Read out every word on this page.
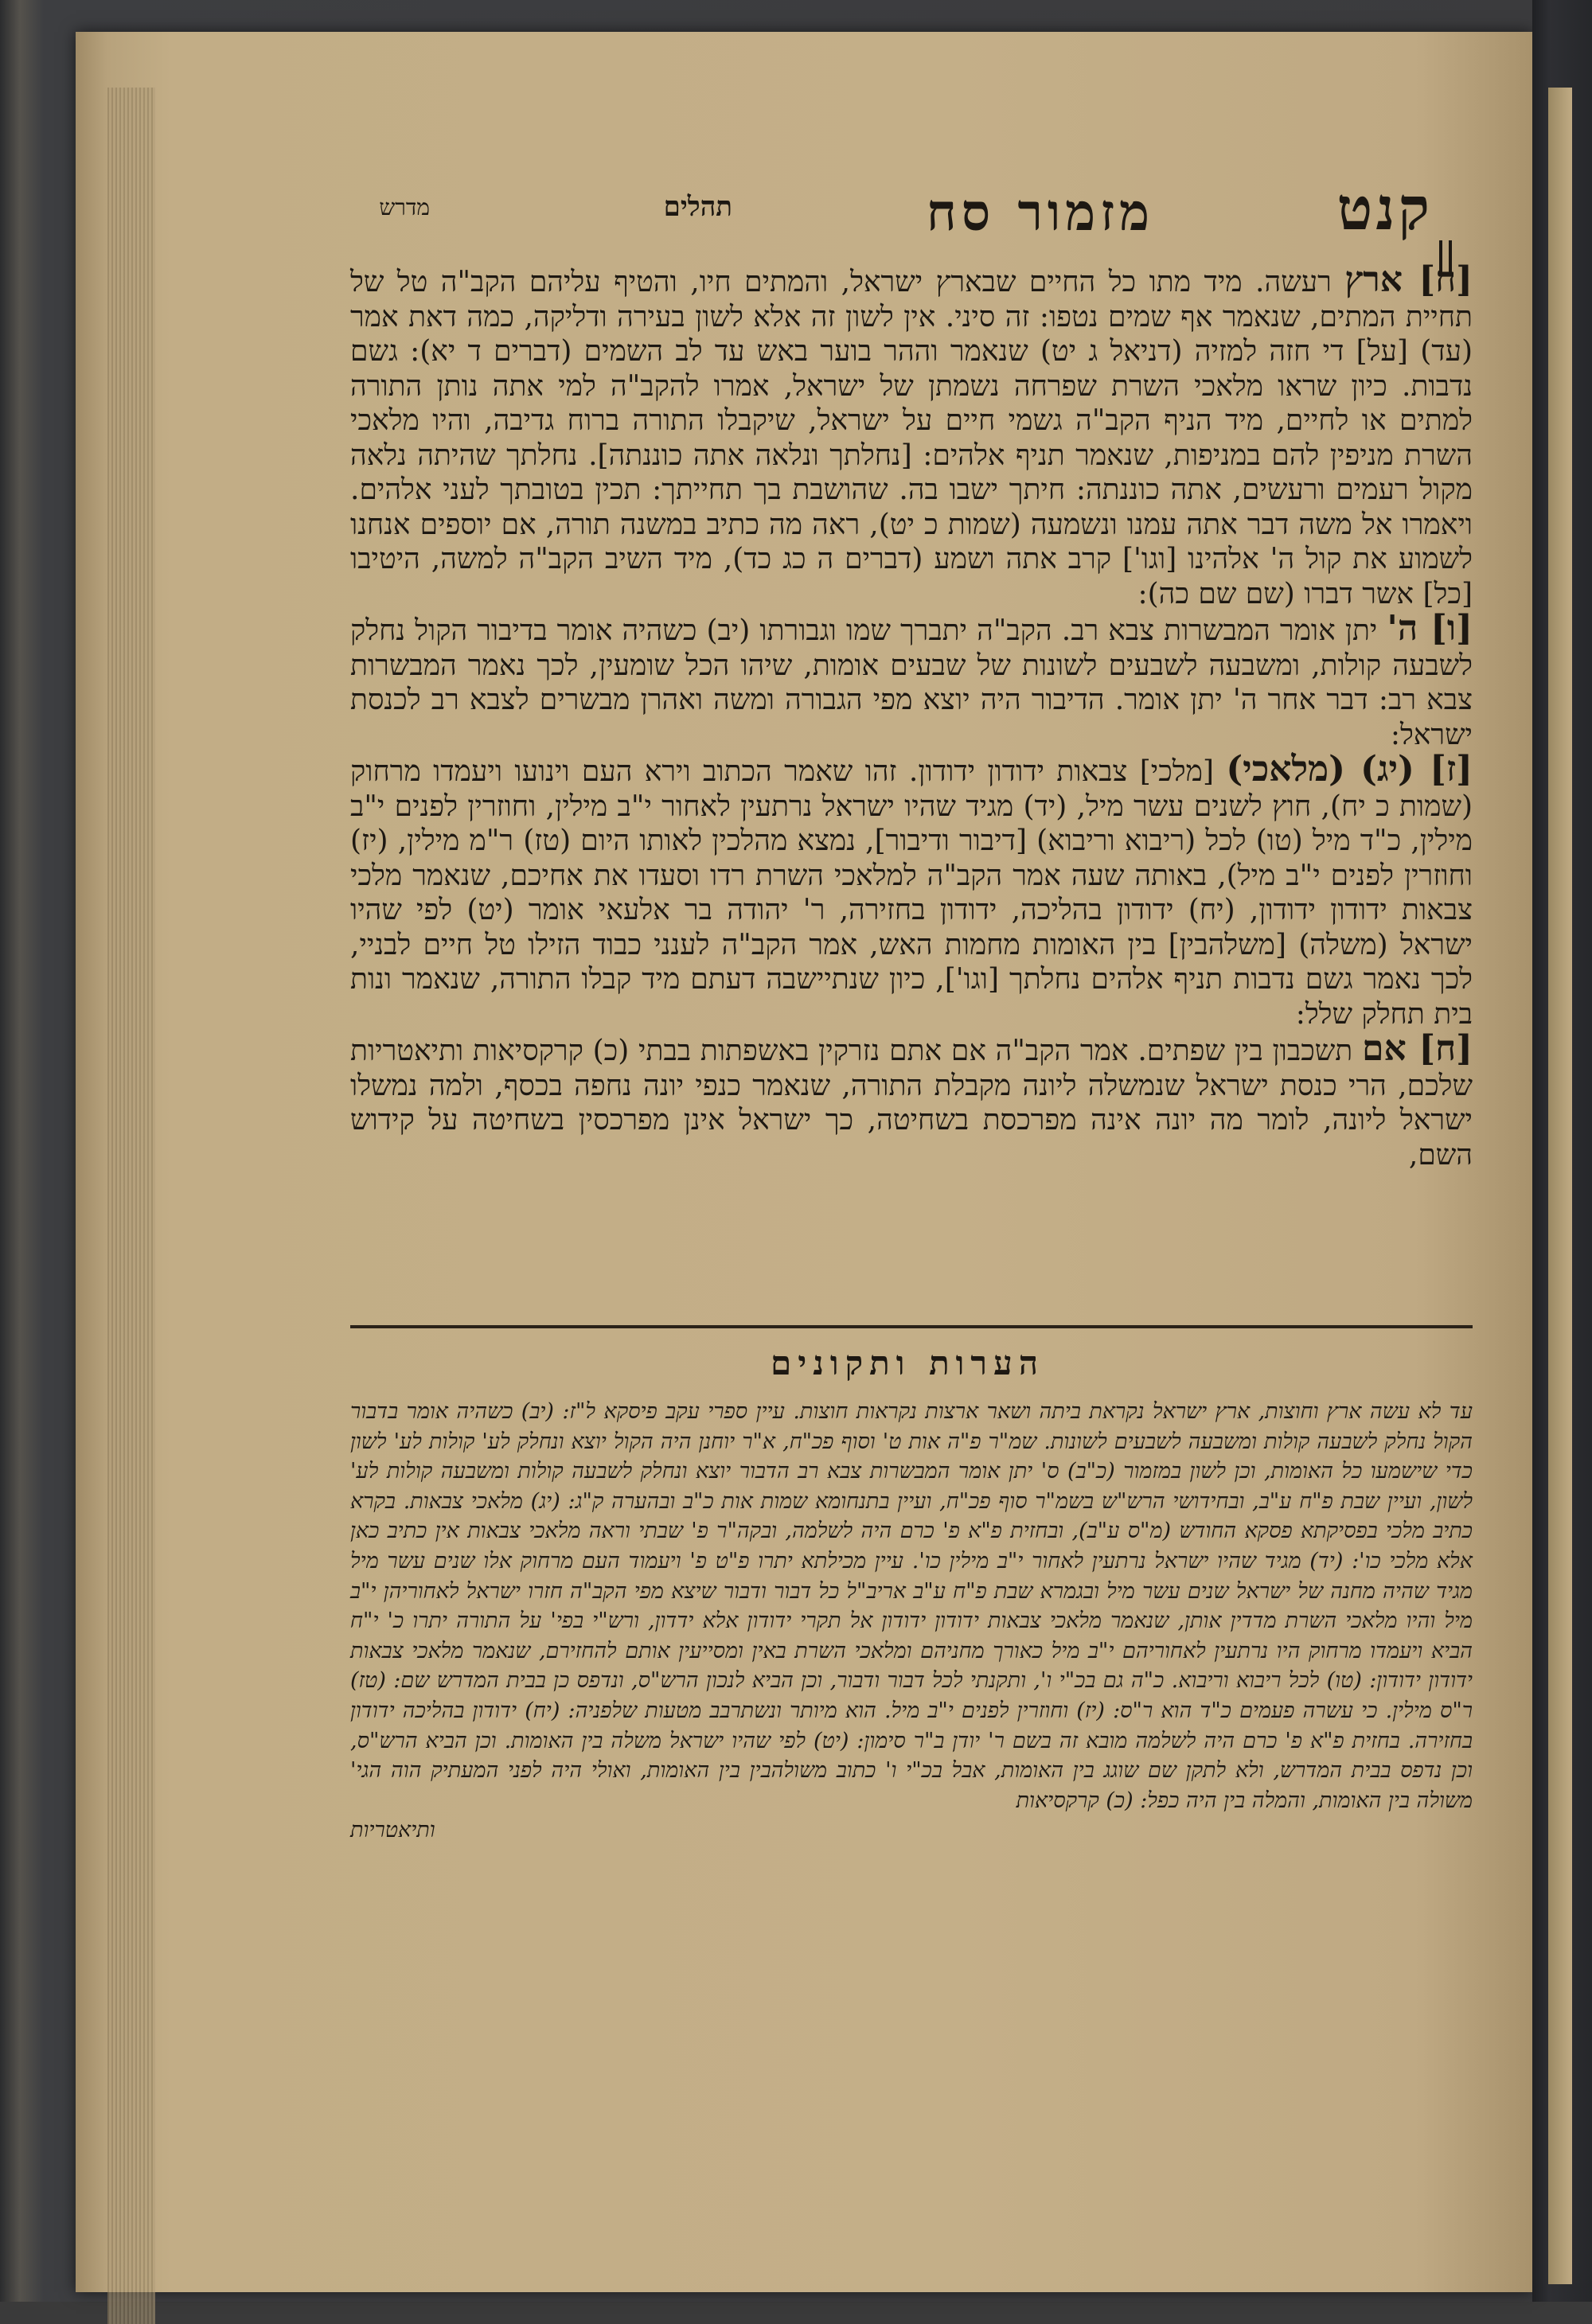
קנט
מזמור סח
תהלים
מדרש

[ח] ארץ רעשה. מיד מתו כל החיים שבארץ ישראל, והמתים חיו, והטיף עליהם הקב"ה טל של תחיית המתים, שנאמר אף שמים נטפו: זה סיני. אין לשון זה אלא לשון בעירה ודליקה, כמה דאת אמר (עד) [על] די חזה למזיה (דניאל ג יט) שנאמר וההר בוער באש עד לב השמים (דברים ד יא): גשם נדבות. כיון שראו מלאכי השרת שפרחה נשמתן של ישראל, אמרו להקב"ה למי אתה נותן התורה למתים או לחיים, מיד הניף הקב"ה גשמי חיים על ישראל, שיקבלו התורה ברוח גדיבה, והיו מלאכי השרת מניפין להם במניפות, שנאמר תניף אלהים: [נחלתך ונלאה אתה כוננתה]. נחלתך שהיתה נלאה מקול רעמים ורעשים, אתה כוננתה: חיתך ישבו בה. שהושבת בך תחייתך: תכין בטובתך לעני אלהים. ויאמרו אל משה דבר אתה עמנו ונשמעה (שמות כ יט), ראה מה כתיב במשנה תורה, אם יוספים אנחנו לשמוע את קול ה' אלהינו [וגו'] קרב אתה ושמע (דברים ה כג כד), מיד השיב הקב"ה למשה, היטיבו [כל] אשר דברו (שם שם כה):

[ו] ה' יתן אומר המבשרות צבא רב. הקב"ה יתברך שמו וגבורתו (יב) כשהיה אומר בדיבור הקול נחלק לשבעה קולות, ומשבעה לשבעים לשונות של שבעים אומות, שיהו הכל שומעין, לכך נאמר המבשרות צבא רב: דבר אחר ה' יתן אומר. הדיבור היה יוצא מפי הגבורה ומשה ואהרן מבשרים לצבא רב לכנסת ישראל:

[ז] (יג) (מלאכי) [מלכי] צבאות ידודון ידודון. זהו שאמר הכתוב וירא העם וינועו ויעמדו מרחוק (שמות כ יח), חוץ לשנים עשר מיל, (יד) מגיד שהיו ישראל נרתעין לאחור י"ב מילין, וחוזרין לפנים י"ב מילין, כ"ד מיל (טו) לכל (ריבוא וריבוא) [דיבור ודיבור], נמצא מהלכין לאותו היום (טז) ר"מ מילין, (יז) וחוזרין לפנים י"ב מיל), באותה שעה אמר הקב"ה למלאכי השרת רדו וסעדו את אחיכם, שנאמר מלכי צבאות ידודון ידודון, (יח) ידודון בהליכה, ידודון בחזירה, ר' יהודה בר אלעאי אומר (יט) לפי שהיו ישראל (משלה) [משלהבין] בין האומות מחמות האש, אמר הקב"ה לענני כבוד הזילו טל חיים לבניי, לכך נאמר גשם נדבות תניף אלהים נחלתך [וגו'], כיון שנתיישבה דעתם מיד קבלו התורה, שנאמר ונות בית תחלק שלל:

[ח] אם תשכבון בין שפתים. אמר הקב"ה אם אתם נזרקין באשפתות בבתי (כ) קרקסיאות ותיאטריות שלכם, הרי כנסת ישראל שנמשלה ליונה מקבלת התורה, שנאמר כנפי יונה נחפה בכסף, ולמה נמשלו ישראל ליונה, לומר מה יונה אינה מפרכסת בשחיטה, כך ישראל אינן מפרכסין בשחיטה על קידוש השם,

הערות ותקונים

עד לא עשה ארץ וחוצות, ארץ ישראל נקראת ביתה ושאר ארצות נקראות חוצות. עיין ספרי עקב פיסקא ל"ז: (יב) כשהיה אומר בדבור הקול נחלק לשבעה קולות ומשבעה לשבעים לשונות. שמ"ר פ"ה אות ט' וסוף פכ"ח, א"ר יוחנן היה הקול יוצא ונחלק לע' קולות לע' לשון כדי שישמעו כל האומות, וכן לשון במזמור (כ"ב) ס' יתן אומר המבשרות צבא רב הדבור יוצא ונחלק לשבעה קולות ומשבעה קולות לע' לשון, ועיין שבת פ"ח ע"ב, ובחידושי הרש"ש בשמ"ר סוף פכ"ח, ועיין בתנחומא שמות אות כ"ב ובהערה ק"ג: (יג) מלאכי צבאות. בקרא כתיב מלכי בפסיקתא פסקא החודש (מ"ס ע"ב), ובחזית פ"א פ' כרם היה לשלמה, ובקה"ר פ' שבתי וראה מלאכי צבאות אין כתיב כאן אלא מלכי כו': (יד) מגיד שהיו ישראל נרתעין לאחור י"ב מילין כו'. עיין מכילתא יתרו פ"ט פ' ויעמוד העם מרחוק אלו שנים עשר מיל מגיד שהיה מחנה של ישראל שנים עשר מיל ובגמרא שבת פ"ח ע"ב אריב"ל כל דבור ודבור שיצא מפי הקב"ה חזרו ישראל לאחוריהן י"ב מיל והיו מלאכי השרת מדדין אותן, שנאמר מלאכי צבאות ידודון ידודון אל תקרי ידודון אלא ידדון, ורש"י בפי' על התורה יתרו כ' י"ח הביא ויעמדו מרחוק היו נרתעין לאחוריהם י"ב מיל כאורך מחניהם ומלאכי השרת באין ומסייעין אותם להחזירם, שנאמר מלאכי צבאות ידודון ידודון: (טו) לכל ריבוא וריבוא. כ"ה גם בכ"י ו', ותקנתי לכל דבור ודבור, וכן הביא לנכון הרש"ס, ונדפס כן בבית המדרש שם: (טז) ר"ס מילין. כי עשרה פעמים כ"ד הוא ר"ס: (יז) וחוזרין לפנים י"ב מיל. הוא מיותר ונשתרבב מטעות שלפניה: (יח) ידודון בהליכה ידודון בחזירה. בחזית פ"א פ' כרם היה לשלמה מובא זה בשם ר' יודן ב"ר סימון: (יט) לפי שהיו ישראל משלה בין האומות. וכן הביא הרש"ס, וכן נדפס בבית המדרש, ולא לתקן שם שוגג בין האומות, אבל בכ"י ו' כתוב משולהבין בין האומות, ואולי היה לפני המעתיק הוה הגי' משולה בין האומות, והמלה בין היה כפל: (כ) קרקסיאות

ותיאטריות
